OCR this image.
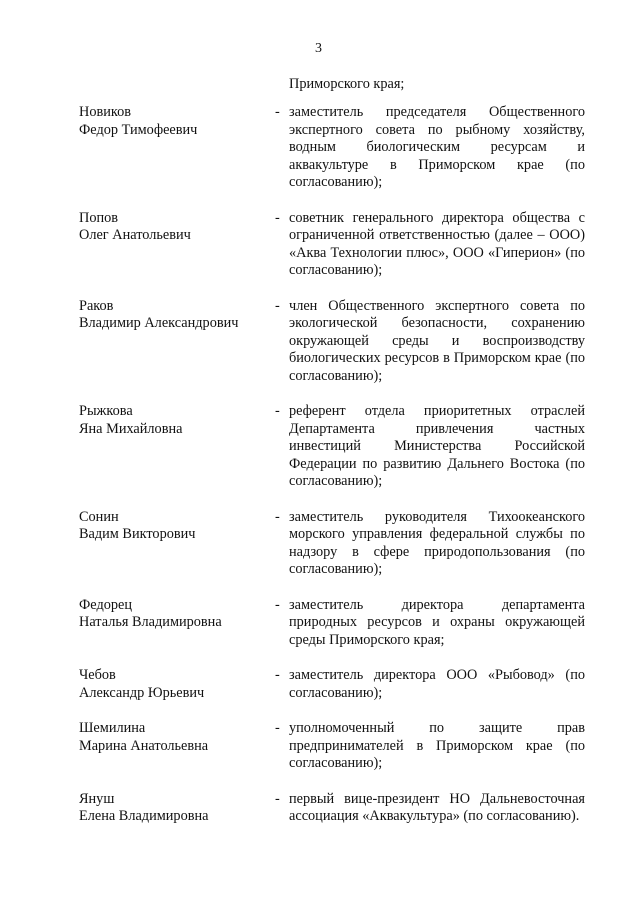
3
Приморского края;
Новиков
Федор Тимофеевич
- заместитель председателя Общественного экспертного совета по рыбному хозяйству, водным биологическим ресурсам и аквакультуре в Приморском крае (по согласованию);
Попов
Олег Анатольевич
- советник генерального директора общества с ограниченной ответственностью (далее – ООО) «Аква Технологии плюс», ООО «Гиперион» (по согласованию);
Раков
Владимир Александрович
- член Общественного экспертного совета по экологической безопасности, сохранению окружающей среды и воспроизводству биологических ресурсов в Приморском крае (по согласованию);
Рыжкова
Яна Михайловна
- референт отдела приоритетных отраслей Департамента привлечения частных инвестиций Министерства Российской Федерации по развитию Дальнего Востока (по согласованию);
Сонин
Вадим Викторович
- заместитель руководителя Тихоокеанского морского управления федеральной службы по надзору в сфере природопользования (по согласованию);
Федорец
Наталья Владимировна
- заместитель директора департамента природных ресурсов и охраны окружающей среды Приморского края;
Чебов
Александр Юрьевич
- заместитель директора ООО «Рыбовод» (по согласованию);
Шемилина
Марина Анатольевна
- уполномоченный по защите прав предпринимателей в Приморском крае (по согласованию);
Януш
Елена Владимировна
- первый вице-президент НО Дальневосточная ассоциация «Аквакультура» (по согласованию).
